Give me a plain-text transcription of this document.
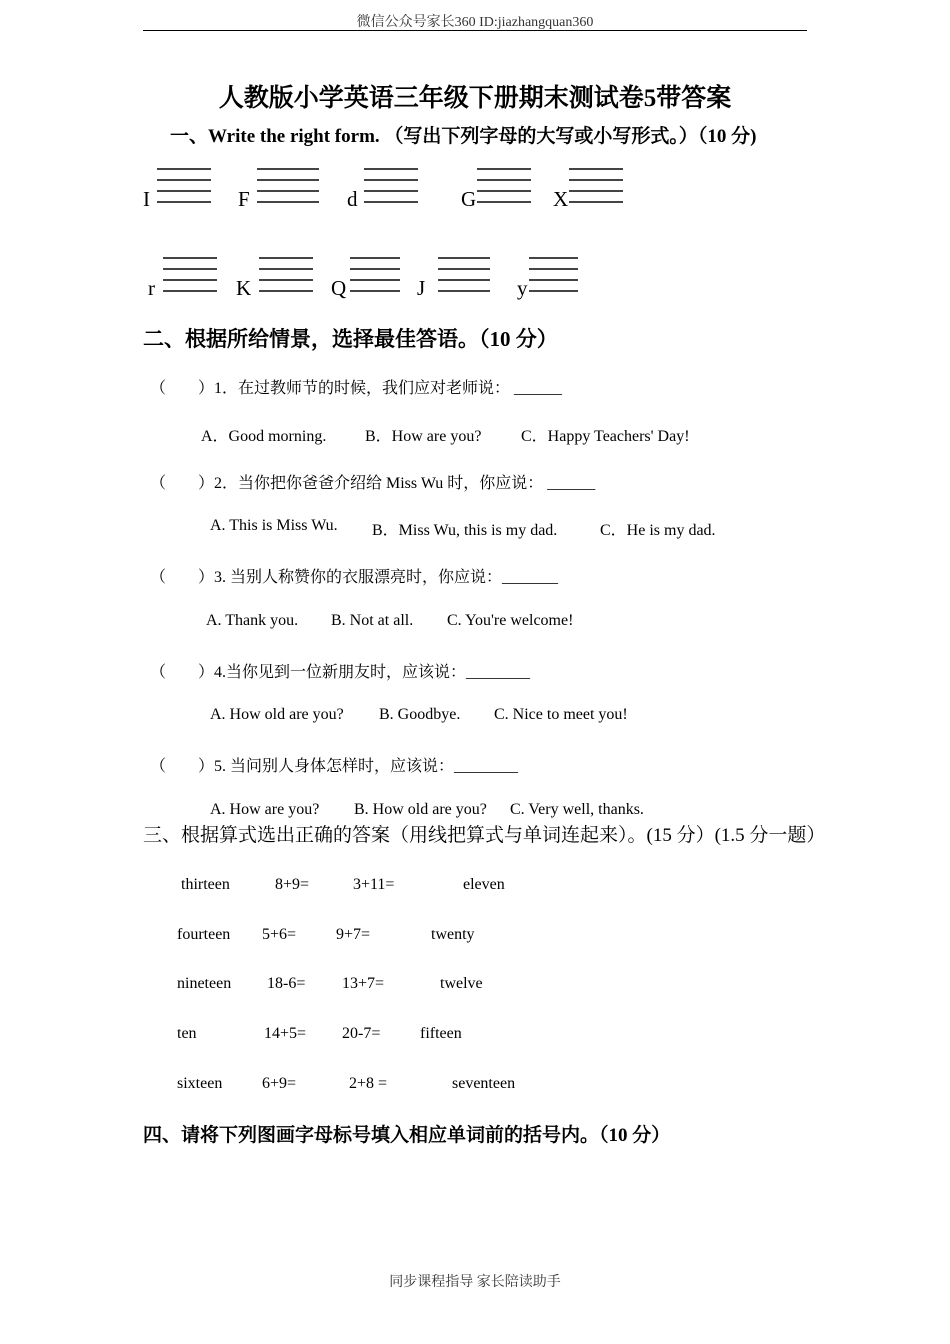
微信公众号家长360 ID:jiazhangquan360
人教版小学英语三年级下册期末测试卷5带答案
一、Write the right form. （写出下列字母的大写或小写形式。）（10 分)
I	F	d	G	X
r	K	Q	J	y
二、根据所给情景，选择最佳答语。（10 分）
（　　）1．在过教师节的时候，我们应对老师说： ______
A．Good morning. B．How are you? C．Happy Teachers' Day!
（　　）2．当你把你爸爸介绍给 Miss Wu 时，你应说： ______
A. This is Miss Wu. B．Miss Wu, this is my dad.	C．He is my dad.
（　　）3. 当别人称赞你的衣服漂亮时，你应说：_______
A. Thank you. B. Not at all. C. You're welcome!
（　　）4.当你见到一位新朋友时，应该说：________
A. How old are you? B. Goodbye. C. Nice to meet you!
（　　）5. 当问别人身体怎样时，应该说：________
A. How are you? B. How old are you? C. Very well, thanks.
三、根据算式选出正确的答案（用线把算式与单词连起来）。(15 分）(1.5 分一题）
thirteen	8+9=	3+11=	eleven
fourteen 5+6= 9+7=	twenty
nineteen 18-6= 13+7=	twelve
ten	14+5= 20-7= fifteen
sixteen 6+9=	2+8 =	seventeen
四、请将下列图画字母标号填入相应单词前的括号内。（10 分）
同步课程指导 家长陪读助手
